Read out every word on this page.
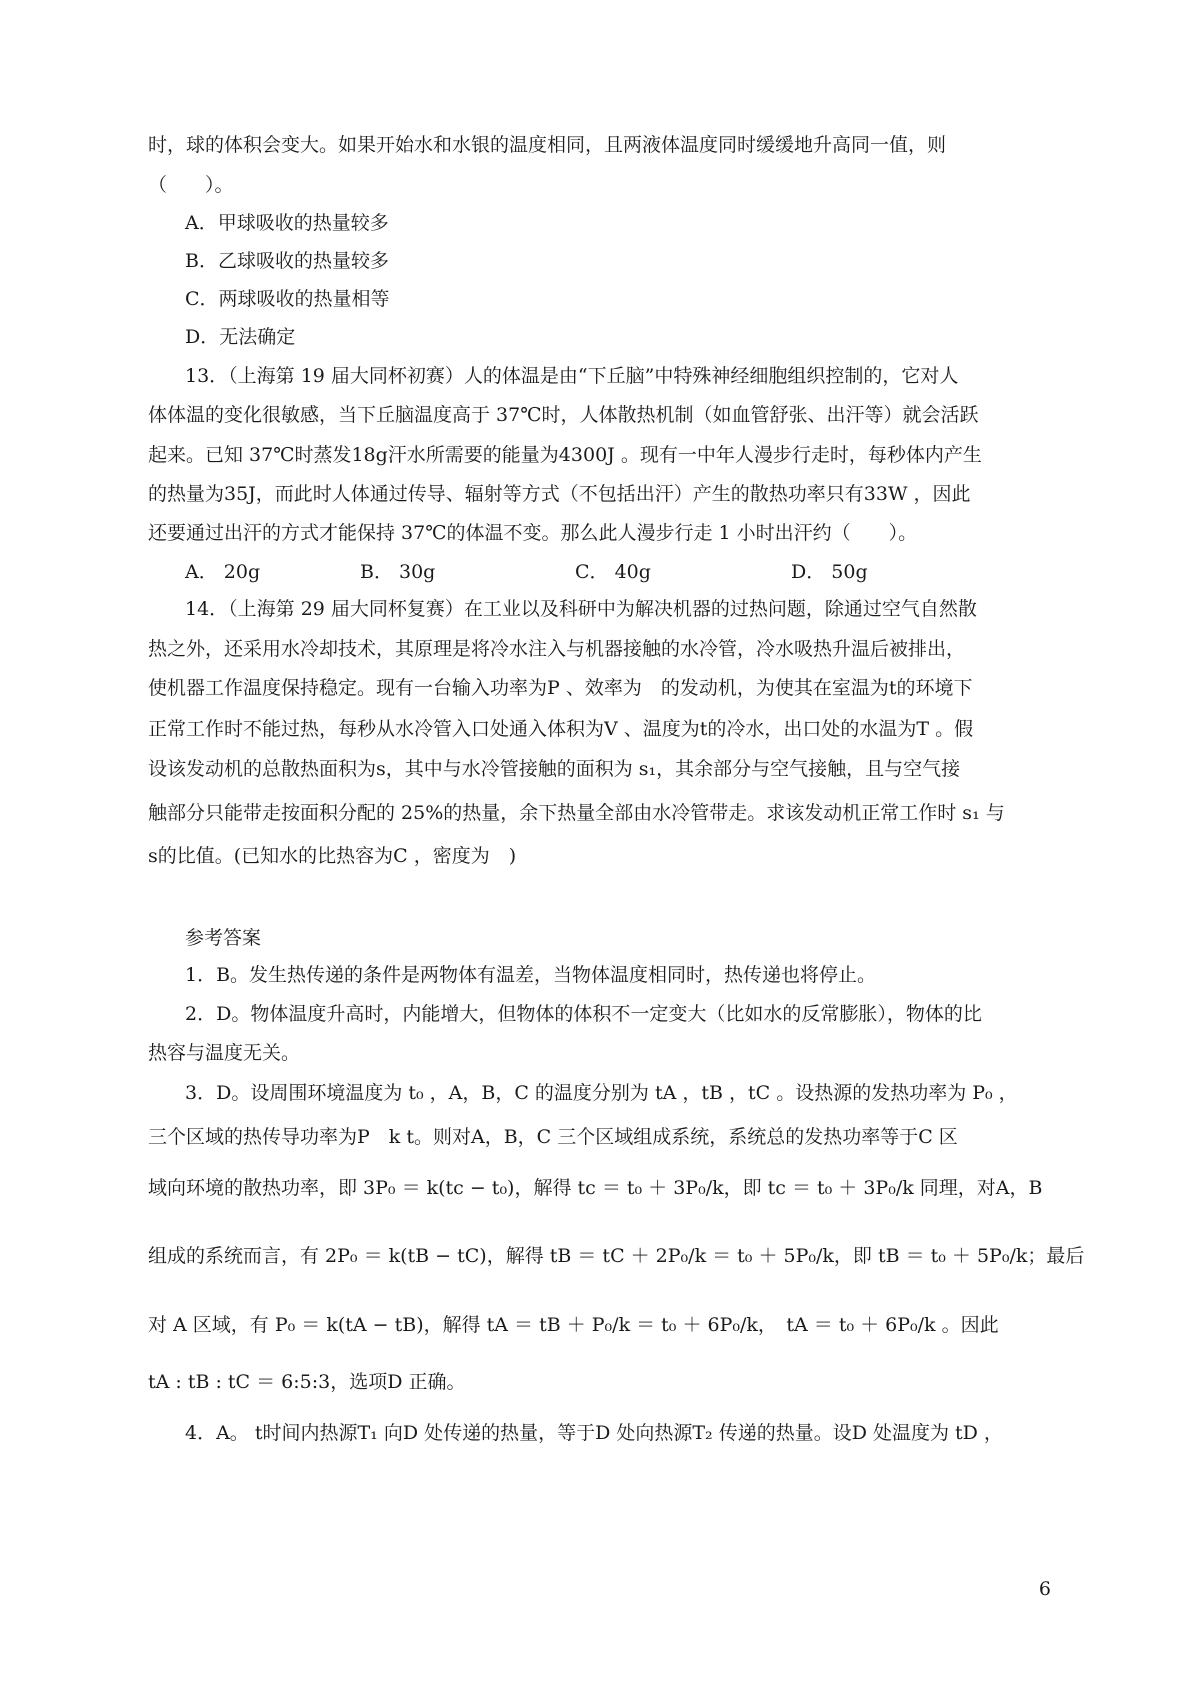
时，球的体积会变大。如果开始水和水银的温度相同，且两液体温度同时缓缓地升高同一值，则
（　　）。
A．甲球吸收的热量较多
B．乙球吸收的热量较多
C．两球吸收的热量相等
D．无法确定
13．（上海第 19 届大同杯初赛）人的体温是由“下丘脑”中特殊神经细胞组织控制的，它对人
体体温的变化很敏感，当下丘脑温度高于 37℃时，人体散热机制（如血管舒张、出汗等）就会活跃
起来。已知 37℃时蒸发18g汗水所需要的能量为4300J 。现有一中年人漫步行走时，每秒体内产生
的热量为35J，而此时人体通过传导、辐射等方式（不包括出汗）产生的散热功率只有33W ，因此
还要通过出汗的方式才能保持 37℃的体温不变。那么此人漫步行走 1 小时出汗约（　　）。
A． 20g	B． 30g	C． 40g	D． 50g
14．（上海第 29 届大同杯复赛）在工业以及科研中为解决机器的过热问题，除通过空气自然散
热之外，还采用水冷却技术，其原理是将冷水注入与机器接触的水冷管，冷水吸热升温后被排出，
使机器工作温度保持稳定。现有一台输入功率为P 、效率为　的发动机，为使其在室温为t的环境下
正常工作时不能过热，每秒从水冷管入口处通入体积为V 、温度为t的冷水，出口处的水温为T 。假
设该发动机的总散热面积为s，其中与水冷管接触的面积为 s₁，其余部分与空气接触，且与空气接
触部分只能带走按面积分配的 25%的热量，余下热量全部由水冷管带走。求该发动机正常工作时 s₁ 与
s的比值。(已知水的比热容为C ，密度为　)
参考答案
1．B。发生热传递的条件是两物体有温差，当物体温度相同时，热传递也将停止。
2．D。物体温度升高时，内能增大，但物体的体积不一定变大（比如水的反常膨胀），物体的比
热容与温度无关。
3．D。设周围环境温度为 t₀ ，A，B，C 的温度分别为 tA ，tB ，tC 。设热源的发热功率为 P₀ ，
三个区域的热传导功率为P　k t。则对A，B，C 三个区域组成系统，系统总的发热功率等于C 区
域向环境的散热功率，即 3P₀ ＝ k(tc − t₀)，解得 tc ＝ t₀ ＋ 3P₀/k，即 tc ＝ t₀ ＋ 3P₀/k 同理，对A，B
组成的系统而言，有 2P₀ ＝ k(tB − tC)，解得 tB ＝ tC ＋ 2P₀/k ＝ t₀ ＋ 5P₀/k，即 tB ＝ t₀ ＋ 5P₀/k；最后
对 A 区域，有 P₀ ＝ k(tA − tB)，解得 tA ＝ tB ＋ P₀/k ＝ t₀ ＋ 6P₀/k，　tA ＝ t₀ ＋ 6P₀/k 。因此
tA : tB : tC ＝ 6:5:3，选项D 正确。
4．A。 t时间内热源T₁ 向D 处传递的热量，等于D 处向热源T₂ 传递的热量。设D 处温度为 tD ，
6
